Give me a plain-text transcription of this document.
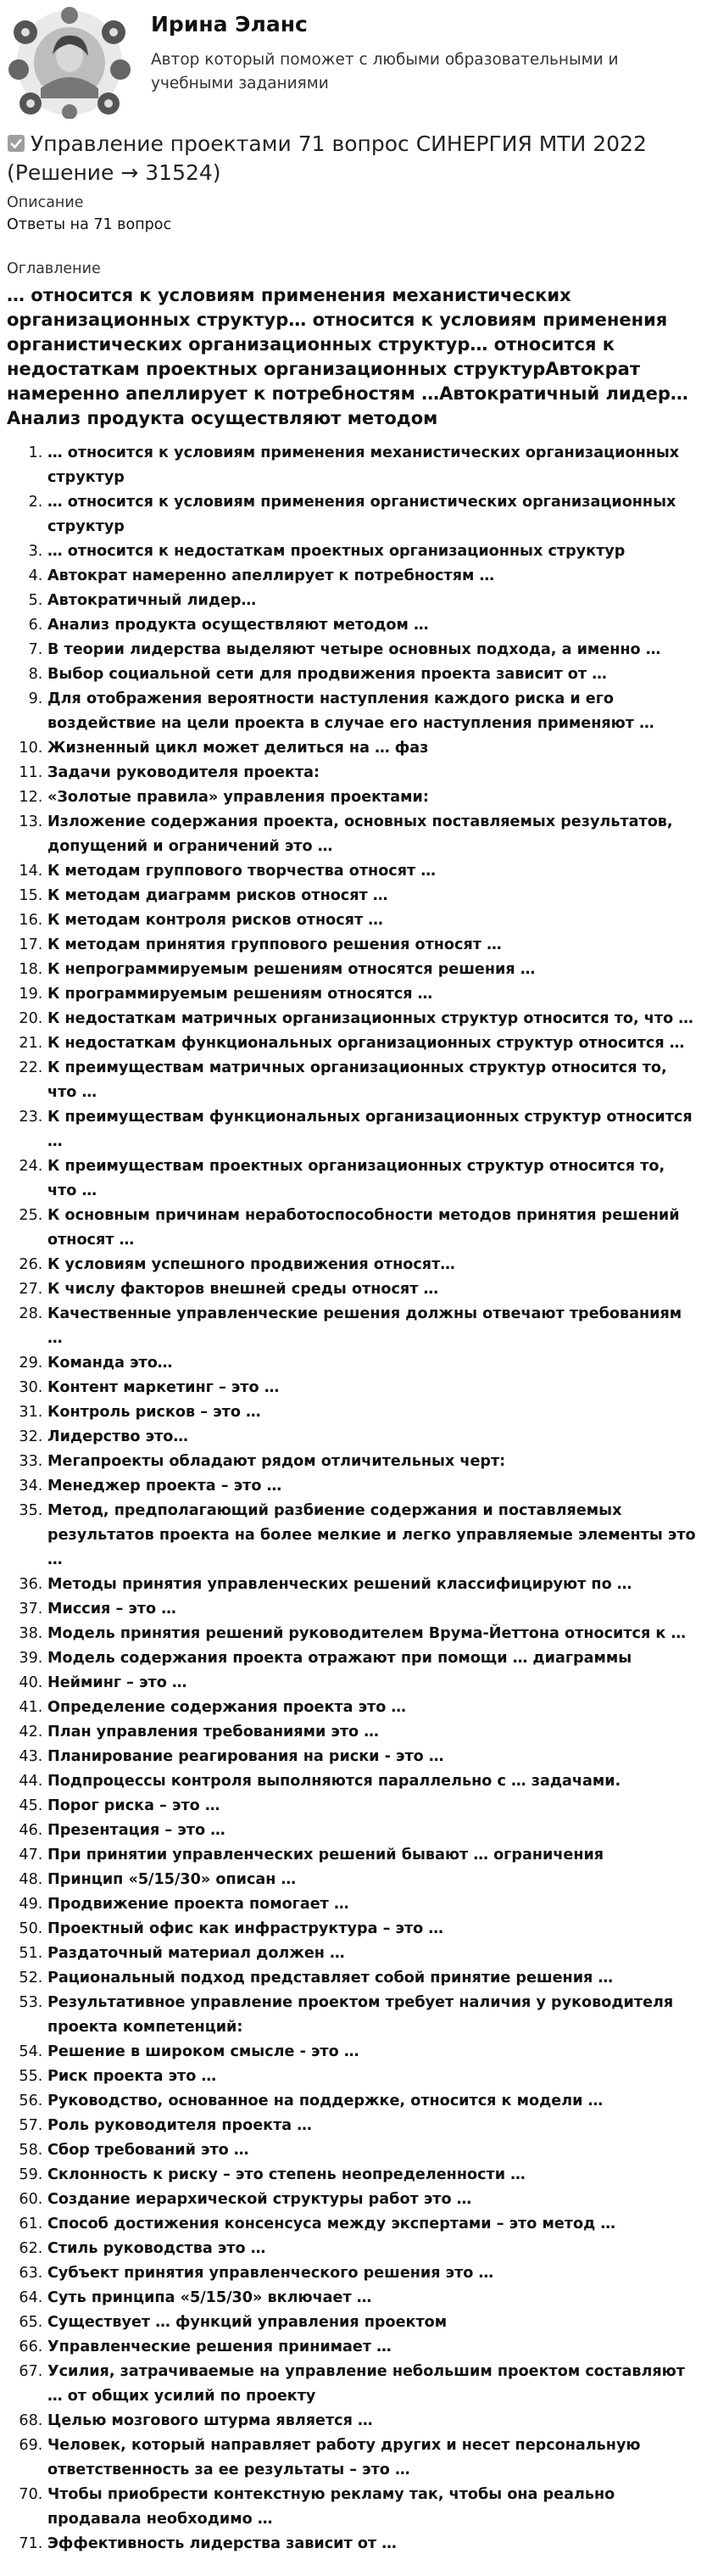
Ирина Эланс
Автор который поможет с любыми образовательными и учебными заданиями
Управление проектами 71 вопрос СИНЕРГИЯ МТИ 2022 (Решение → 31524)
Описание
Ответы на 71 вопрос
Оглавление
… относится к условиям применения механистических организационных структур… относится к условиям применения органистических организационных структур… относится к недостаткам проектных организационных структурАвтократ намеренно апеллирует к потребностям …Автократичный лидер…Анализ продукта осуществляют методом
1. … относится к условиям применения механистических организационных структур
2. … относится к условиям применения органистических организационных структур
3. … относится к недостаткам проектных организационных структур
4. Автократ намеренно апеллирует к потребностям …
5. Автократичный лидер…
6. Анализ продукта осуществляют методом …
7. В теории лидерства выделяют четыре основных подхода, а именно …
8. Выбор социальной сети для продвижения проекта зависит от …
9. Для отображения вероятности наступления каждого риска и его воздействие на цели проекта в случае его наступления применяют …
10. Жизненный цикл может делиться на … фаз
11. Задачи руководителя проекта:
12. «Золотые правила» управления проектами:
13. Изложение содержания проекта, основных поставляемых результатов, допущений и ограничений это …
14. К методам группового творчества относят …
15. К методам диаграмм рисков относят …
16. К методам контроля рисков относят …
17. К методам принятия группового решения относят …
18. К непрограммируемым решениям относятся решения …
19. К программируемым решениям относятся …
20. К недостаткам матричных организационных структур относится то, что …
21. К недостаткам функциональных организационных структур относится …
22. К преимуществам матричных организационных структур относится то, что …
23. К преимуществам функциональных организационных структур относится …
24. К преимуществам проектных организационных структур относится то, что …
25. К основным причинам неработоспособности методов принятия решений относят …
26. К условиям успешного продвижения относят…
27. К числу факторов внешней среды относят …
28. Качественные управленческие решения должны отвечают требованиям …
29. Команда это…
30. Контент маркетинг – это …
31. Контроль рисков – это …
32. Лидерство это…
33. Мегапроекты обладают рядом отличительных черт:
34. Менеджер проекта – это …
35. Метод, предполагающий разбиение содержания и поставляемых результатов проекта на более мелкие и легко управляемые элементы это …
36. Методы принятия управленческих решений классифицируют по …
37. Миссия – это …
38. Модель принятия решений руководителем Врума-Йеттона относится к …
39. Модель содержания проекта отражают при помощи … диаграммы
40. Нейминг – это …
41. Определение содержания проекта это …
42. План управления требованиями это …
43. Планирование реагирования на риски - это …
44. Подпроцессы контроля выполняются параллельно с … задачами.
45. Порог риска – это …
46. Презентация – это …
47. При принятии управленческих решений бывают … ограничения
48. Принцип «5/15/30» описан …
49. Продвижение проекта помогает …
50. Проектный офис как инфраструктура – это …
51. Раздаточный материал должен …
52. Рациональный подход представляет собой принятие решения …
53. Результативное управление проектом требует наличия у руководителя проекта компетенций:
54. Решение в широком смысле - это …
55. Риск проекта это …
56. Руководство, основанное на поддержке, относится к модели …
57. Роль руководителя проекта …
58. Сбор требований это …
59. Склонность к риску – это степень неопределенности …
60. Создание иерархической структуры работ это …
61. Способ достижения консенсуса между экспертами – это метод …
62. Стиль руководства это …
63. Субъект принятия управленческого решения это …
64. Суть принципа «5/15/30» включает …
65. Существует … функций управления проектом
66. Управленческие решения принимает …
67. Усилия, затрачиваемые на управление небольшим проектом составляют … от общих усилий по проекту
68. Целью мозгового штурма является …
69. Человек, который направляет работу других и несет персональную ответственность за ее результаты – это …
70. Чтобы приобрести контекстную рекламу так, чтобы она реально продавала необходимо …
71. Эффективность лидерства зависит от …
